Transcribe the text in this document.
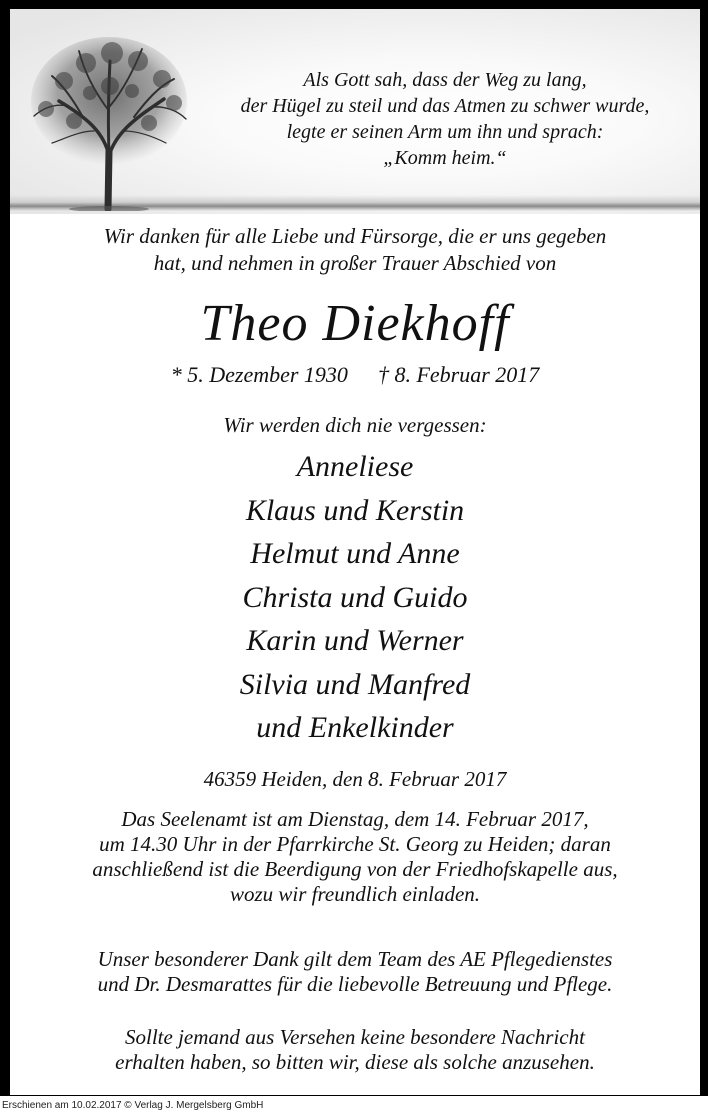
Als Gott sah, dass der Weg zu lang,
der Hügel zu steil und das Atmen zu schwer wurde,
legte er seinen Arm um ihn und sprach:
„Komm heim.“
Wir danken für alle Liebe und Fürsorge, die er uns gegeben
hat, und nehmen in großer Trauer Abschied von
Theo Diekhoff
* 5. Dezember 1930 † 8. Februar 2017
Wir werden dich nie vergessen:
Anneliese
Klaus und Kerstin
Helmut und Anne
Christa und Guido
Karin und Werner
Silvia und Manfred
und Enkelkinder
46359 Heiden, den 8. Februar 2017
Das Seelenamt ist am Dienstag, dem 14. Februar 2017,
um 14.30 Uhr in der Pfarrkirche St. Georg zu Heiden; daran
anschließend ist die Beerdigung von der Friedhofskapelle aus,
wozu wir freundlich einladen.
Unser besonderer Dank gilt dem Team des AE Pflegedienstes
und Dr. Desmarattes für die liebevolle Betreuung und Pflege.
Sollte jemand aus Versehen keine besondere Nachricht
erhalten haben, so bitten wir, diese als solche anzusehen.
Erschienen am 10.02.2017 © Verlag J. Mergelsberg GmbH
